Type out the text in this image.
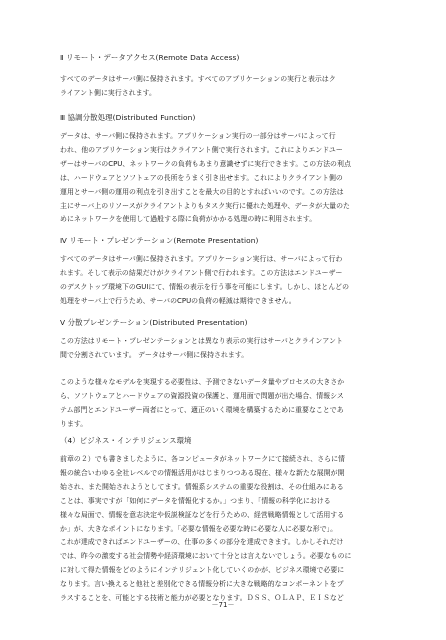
Ⅱ リモート・データアクセス(Remote Data Access)

すべてのデータはサーバ側に保持されます。すべてのアプリケーションの実行と表示はク

ライアント側に実行されます。

Ⅲ 協調分散処理(Distributed Function)

データは、サーバ側に保持されます。アプリケーション実行の一部分はサーバによって行

われ、他のアプリケーション実行はクライアント側で実行されます。これによりエンドユー

ザーはサーバのCPU、ネットワークの負荷もあまり意識せずに実行できます。この方法の利点

は、ハードウェアとソフトェアの長所をうまく引き出せます。これによりクライアント側の

運用とサーバ側の運用の利点を引き出すことを最大の目的とすればいいのです。この方法は

主にサーバ上のリソースがクライアントよりもタスク実行に優れた処理や、データが大量のた

めにネットワークを使用して過般する際に負荷がかかる処理の時に利用されます。

Ⅳ リモート・プレゼンテーション(Remote Presentation)

すべてのデータはサーバ側に保持されます。アプリケーション実行は、サーバによって行わ

れます。そして表示の結果だけがクライアント側で行われます。この方法はエンドユーザー

のデスクトップ環境下のGUIにて、情報の表示を行う事を可能にします。しかし、ほとんどの

処理をサーバ上で行うため、サーバのCPUの負荷の軽減は期待できません。

Ⅴ 分散プレゼンテーション(Distributed Presentation)

この方法はリモート・プレゼンテーションとは異なり表示の実行はサーバとクラインアント

間で分割されています。 データはサーバ側に保持されます。

このような様々なモデルを実現する必要性は、予測できないデータ量やプロセスの大きさか

ら、ソフトウェアとハードウェアの資源投資の保護と、運用面で問題が出た場合、情報シス

テム部門とエンドユーザー両者にとって、適正のいく環境を構築するために重要なことであ

ります。

（4）ビジネス・インテリジェンス環境

前章の２）でも書きましたように、各コンピュータがネットワークにて接続され、さらに情

報の統合いわゆる全社レベルでの情報活用がはじまりつつある現在、様々な新たな展開が開

始され、また開始されようとしてます。情報系システムの重要な役割は、その仕組みにある

ことは、事実ですが「如何にデータを情報化するか。」つまり、「情報の科学化における

様々な局面で、情報を意志決定や仮説検証などを行うための、経営戦略情報として活用する

か」が、大きなポイントになります。「必要な情報を必要な時に必要な人に必要な形で」。

これが達成できればエンドユーザーの、仕事の多くの部分を達成できます。しかしそれだけ

では、昨今の激変する社会情勢や経済環境において十分とは言えないでしょう。必要なものに

に対して得た情報をどのようにインテリジェント化していくのかが、ビジネス環境で必要に

なります。言い換えると他社と差別化できる情報分析に大きな戦略的なコンポーネントをプ

ラスすることを、可能とする技術と能力が必要となります。ＤＳＳ、ＯＬＡＰ、ＥＩＳなど

－71－
